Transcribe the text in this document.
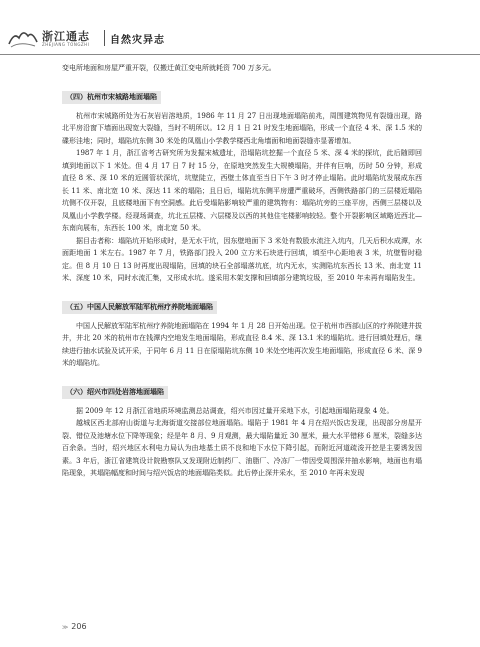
浙江通志
ZHEJIANG TONGZHI 自然灾异志

变电所地面和房屋严重开裂，仅搬迁黄江变电所就耗资 700 万多元。

（四）杭州市宋城路地面塌陷

杭州市宋城路所处为石灰岩岩溶地质，1986 年 11 月 27 日出现地面塌陷前兆，周围建筑物见有裂缝出现，路北平房沿窗下墙面出现宽大裂缝，当时不明所以。12 月 1 日 21 时发生地面塌陷，形成一个直径 4 米、深 1.5 米的碟形洼地；同时，塌陷坑东侧 30 米处的凤凰山小学教学楼西北角墙面和地面裂缝亦显著增加。

1987 年 1 月，浙江省考古研究所为发掘宋城遗址，沿塌陷坑挖掘一个直径 5 米、深 4 米的探坑，此后随即回填到地面以下 1 米处。但 4 月 17 日 7 时 15 分，在原地突然发生大规模塌陷，并伴有巨响，历时 50 分钟，形成直径 8 米、深 10 米的近圆管状深坑，坑壁陡立，西壁土体直至当日下午 3 时才停止塌陷。此时塌陷坑发展成东西长 11 米、南北宽 10 米、深达 11 米的塌陷；且日后，塌陷坑东侧平房遭严重破坏，西侧铁路部门的三层楼近塌陷坑侧不仅开裂，且底楼地面下有空洞感。此后受塌陷影响较严重的建筑物有：塌陷坑旁的三座平房，西侧三层楼以及凤凰山小学教学楼。经现场调查，坑北五层楼、六层楼及以西的其他住宅楼影响较轻。整个开裂影响区域略近西北—东南向展布，东西长 100 米，南北宽 50 米。

据目击者称：塌陷坑开始形成时，是无水干坑，因东壁地面下 3 米处有数股水流注入坑内，几天后积水成潭，水面距地面 1 米左右。1987 年 7 月，铁路部门投入 200 立方米石块进行回填，填至中心距地表 3 米，坑壁暂时稳定。但 8 月 10 日 13 时再度出现塌陷，回填的块石全部塌落坑底，坑内无水，实测陷坑东西长 13 米、南北宽 11 米、深度 10 米，同时水流汇集，又形成水坑。遂采用木架支撑和回填部分建筑垃圾，至 2010 年未再有塌陷发生。

（五）中国人民解放军陆军杭州疗养院地面塌陷

中国人民解放军陆军杭州疗养院地面塌陷在 1994 年 1 月 28 日开始出现。位于杭州市西部山区的疗养院建井拔井，井北 20 米的杭州市在钱潭内空地发生地面塌陷，形成直径 8.4 米、深 13.1 米的塌陷坑。进行回填处理后，继续进行抽水试验及试开采，于同年 6 月 11 日在原塌陷坑东侧 10 米处空地再次发生地面塌陷，形成直径 6 米、深 9 米的塌陷坑。

（六）绍兴市四处岩溶地面塌陷

据 2009 年 12 月浙江省地质环境监测总站调查，绍兴市因过量开采地下水，引起地面塌陷现象 4 处。

越城区西北部府山街道与北海街道交接部位地面塌陷。塌陷于 1981 年 4 月在绍兴饭店发现，出现部分房屋开裂、错位及池塘水位下降等现象；经是年 8 月、9 月观测，最大塌陷量近 30 厘米，最大水平错移 6 厘米，裂缝多达百余条。当时，绍兴地区水利电力局认为由地基土质不良和地下水位下降引起，而附近河道疏浚开挖是主要诱发因素。3 年后，浙江省建筑设计院勘察队又发现附近制药厂、油脂厂、冷冻厂一带因受周围深井抽水影响，地面也有塌陷现象，其塌陷幅度和时间与绍兴饭店的地面塌陷类似。此后停止深井采水，至 2010 年再未发现

≫ 206
